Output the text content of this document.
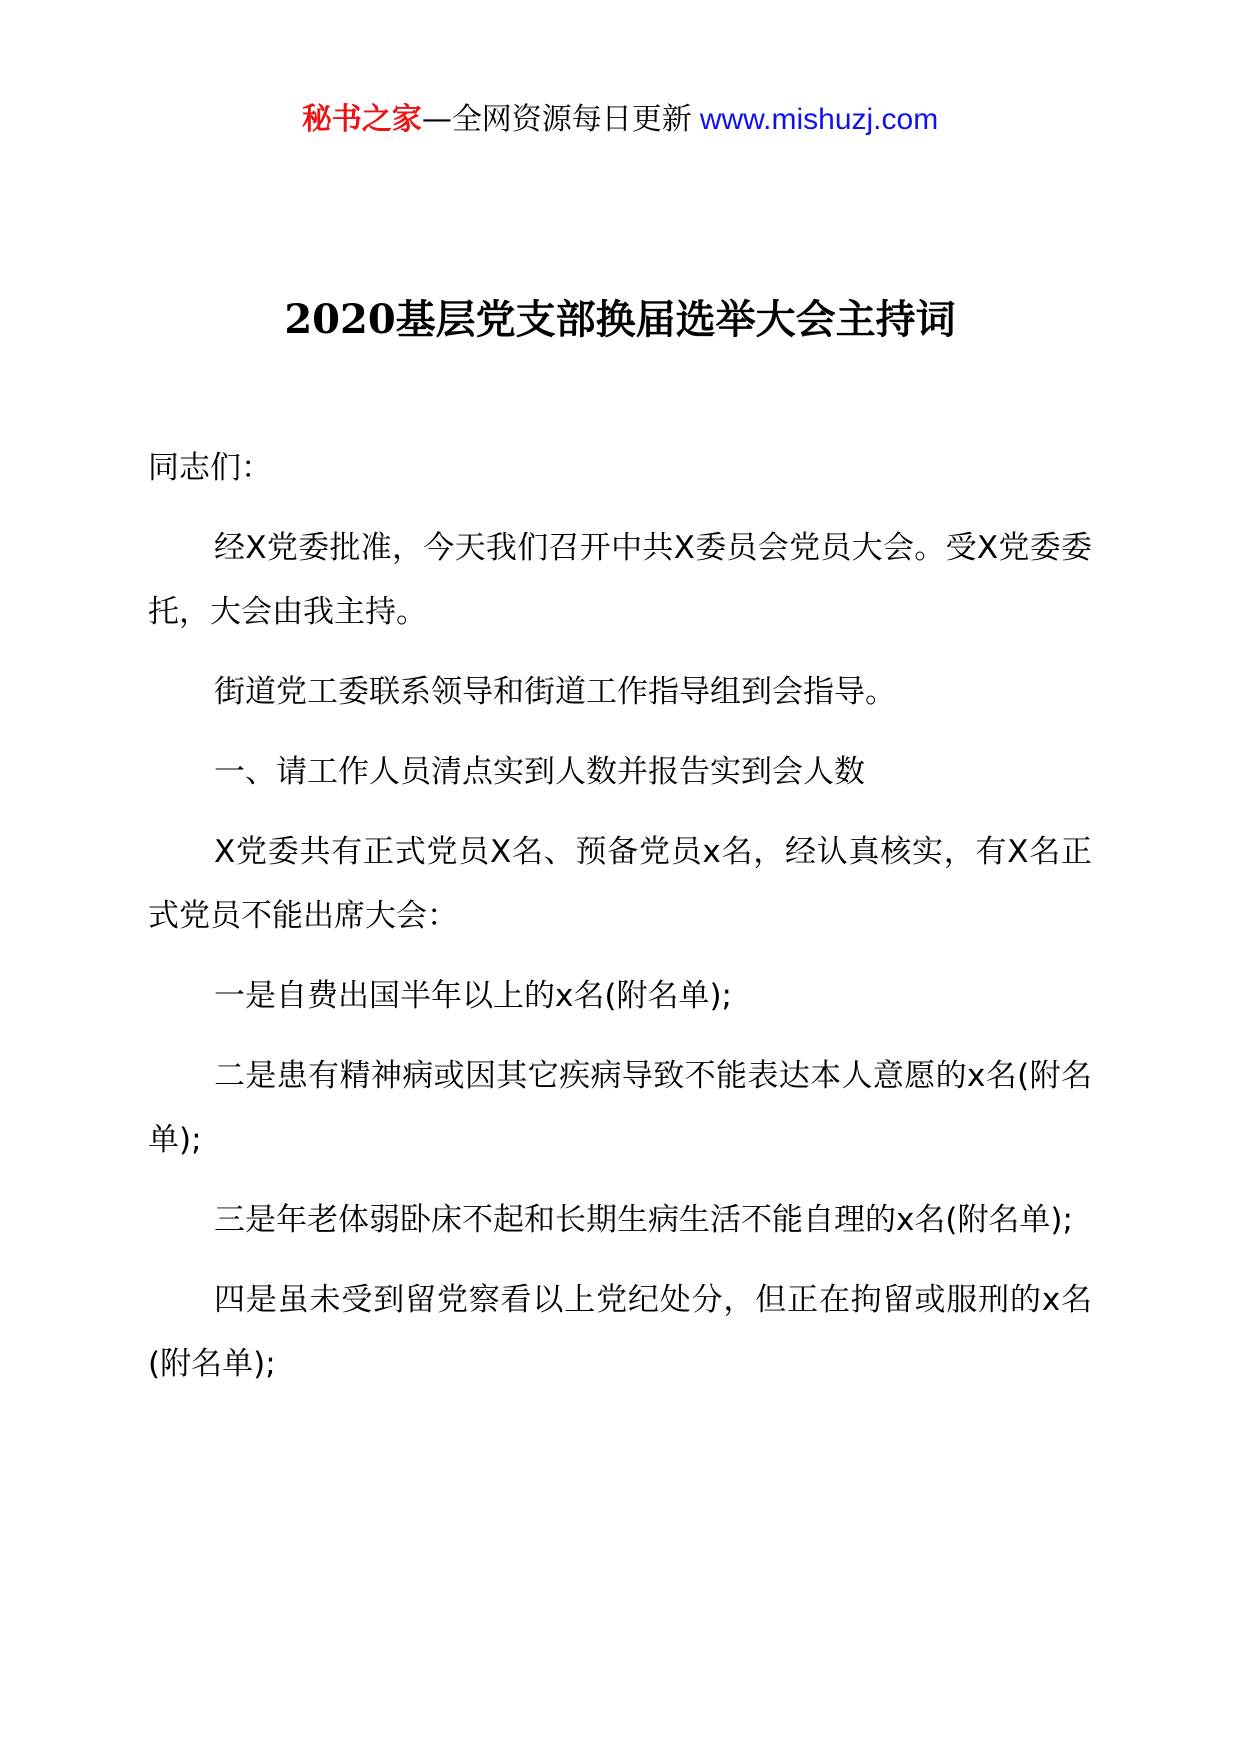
秘书之家—全网资源每日更新 www.mishuzj.com
2020基层党支部换届选举大会主持词

同志们：

经X党委批准，今天我们召开中共X委员会党员大会。受X党委委托，大会由我主持。

街道党工委联系领导和街道工作指导组到会指导。

一、请工作人员清点实到人数并报告实到会人数

X党委共有正式党员X名、预备党员x名，经认真核实，有X名正式党员不能出席大会：

一是自费出国半年以上的x名(附名单);

二是患有精神病或因其它疾病导致不能表达本人意愿的x名(附名单);

三是年老体弱卧床不起和长期生病生活不能自理的x名(附名单);

四是虽未受到留党察看以上党纪处分，但正在拘留或服刑的x名(附名单);
